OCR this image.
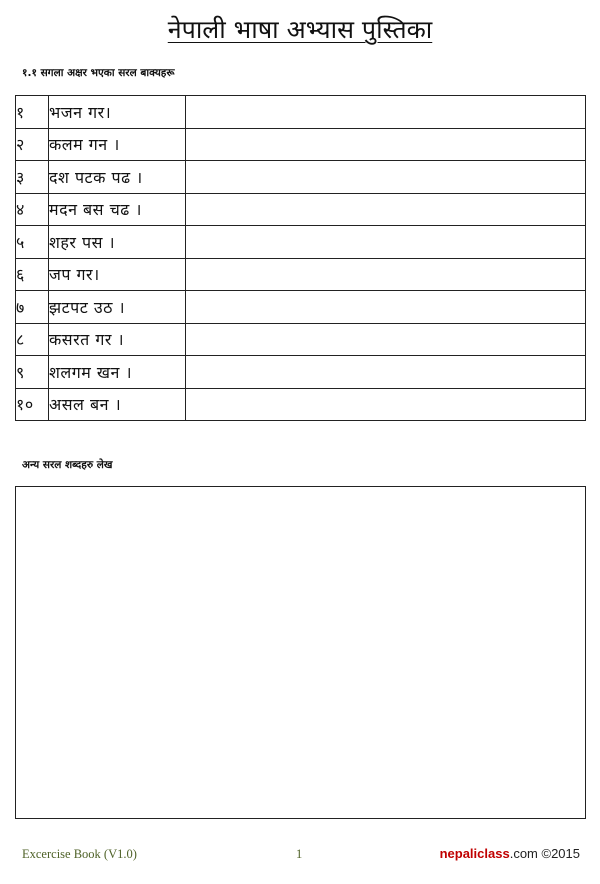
नेपाली भाषा अभ्यास पुस्तिका
१.१ सगला अक्षर भएका सरल बाक्यहरू
१	भजन गर।	
२	कलम गन ।	
३	दश पटक पढ ।	
४	मदन बस चढ ।	
५	शहर पस ।	
६	जप गर।	
७	झटपट उठ ।	
८	कसरत गर ।	
९	शलगम खन ।	
१०	असल बन ।	
अन्य सरल शब्दहरु लेख
Excercise Book (V1.0)	1	nepaliclass.com ©2015
